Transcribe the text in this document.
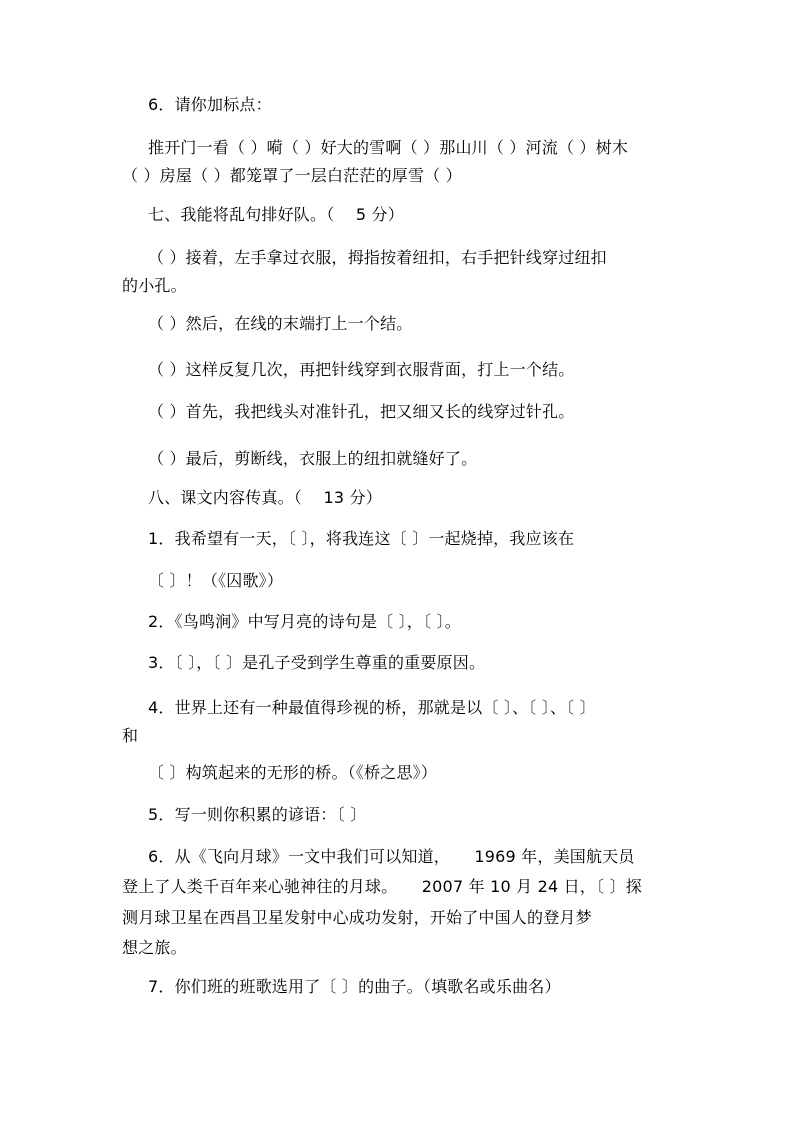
6．请你加标点：
推开门一看（ ）嗬（ ）好大的雪啊（ ）那山川（ ）河流（ ）树木
（ ）房屋（ ）都笼罩了一层白茫茫的厚雪（ ）
七、我能将乱句排好队。（　 5 分）
（ ）接着，左手拿过衣服，拇指按着纽扣，右手把针线穿过纽扣
的小孔。
（ ）然后，在线的末端打上一个结。
（ ）这样反复几次，再把针线穿到衣服背面，打上一个结。
（ ）首先，我把线头对准针孔，把又细又长的线穿过针孔。
（ ）最后，剪断线，衣服上的纽扣就缝好了。
八、课文内容传真。（　 13 分）
1．我希望有一天，〔 〕，将我连这〔 〕一起烧掉，我应该在
〔 〕！（《囚歌》）
2．《鸟鸣涧》中写月亮的诗句是〔 〕，〔 〕。
3．〔 〕，〔 〕是孔子受到学生尊重的重要原因。
4．世界上还有一种最值得珍视的桥，那就是以〔 〕、〔 〕、〔 〕
和
〔 〕构筑起来的无形的桥。（《桥之思》）
5．写一则你积累的谚语：〔 〕
6．从《飞向月球》一文中我们可以知道，　　1969 年，美国航天员
登上了人类千百年来心驰神往的月球。　　2007 年 10 月 24 日，〔 〕探
测月球卫星在西昌卫星发射中心成功发射，开始了中国人的登月梦
想之旅。
7．你们班的班歌选用了〔 〕的曲子。（填歌名或乐曲名）
